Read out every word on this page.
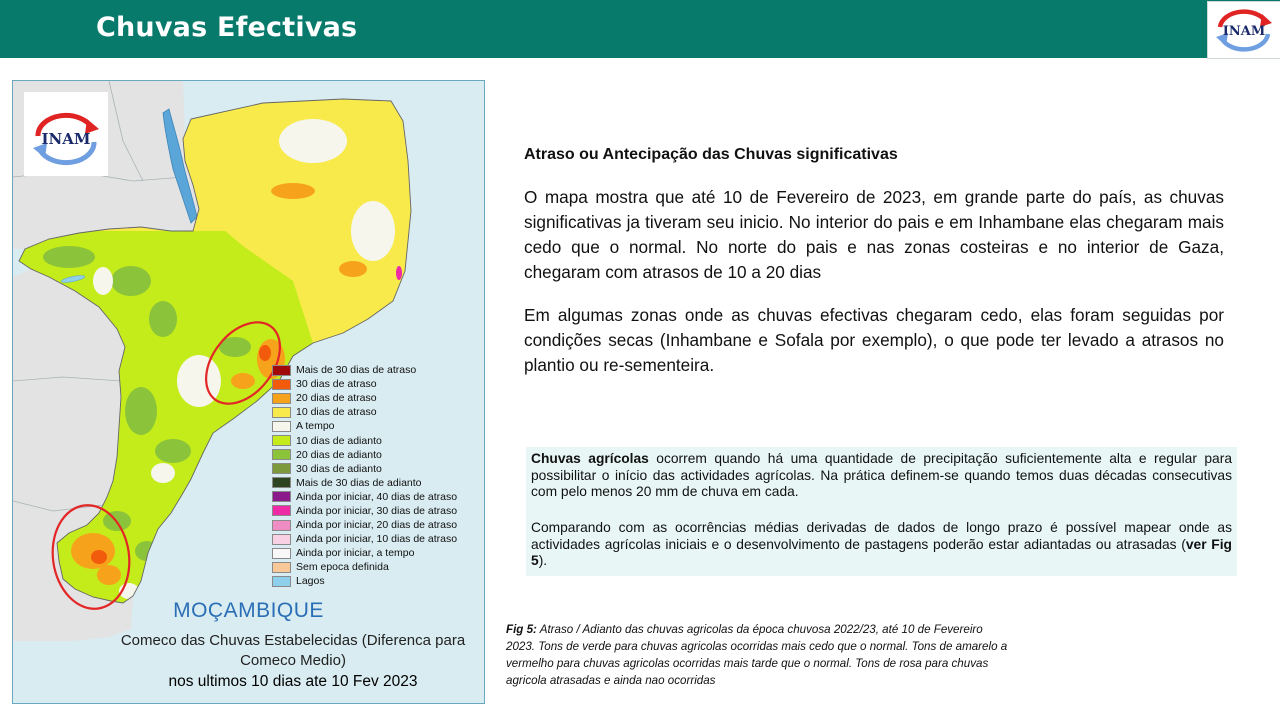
Chuvas Efectivas	INAM
INAM
Mais de 30 dias de atraso
30 dias de atraso
20 dias de atraso
10 dias de atraso
A tempo
10 dias de adianto
20 dias de adianto
30 dias de adianto
Mais de 30 dias de adianto
Ainda por iniciar, 40 dias de atraso
Ainda por iniciar, 30 dias de atraso
Ainda por iniciar, 20 dias de atraso
Ainda por iniciar, 10 dias de atraso
Ainda por iniciar, a tempo
Sem epoca definida
Lagos
MOÇAMBIQUE
Comeco das Chuvas Estabelecidas (Diferenca para Comeco Medio)
nos ultimos 10 dias ate 10 Fev 2023
Atraso ou Antecipação das Chuvas significativas

O mapa mostra que até 10 de Fevereiro de 2023, em grande parte do país, as chuvas significativas ja tiveram seu inicio. No interior do pais e em Inhambane elas chegaram mais cedo que o normal. No norte do pais e nas zonas costeiras e no interior de Gaza, chegaram com atrasos de 10 a 20 dias

Em algumas zonas onde as chuvas efectivas chegaram cedo, elas foram seguidas por condições secas (Inhambane e Sofala por exemplo), o que pode ter levado a atrasos no plantio ou re-sementeira.

Chuvas agrícolas ocorrem quando há uma quantidade de precipitação suficientemente alta e regular para possibilitar o início das actividades agrícolas. Na prática definem-se quando temos duas décadas consecutivas com pelo menos 20 mm de chuva em cada.

Comparando com as ocorrências médias derivadas de dados de longo prazo é possível mapear onde as actividades agrícolas iniciais e o desenvolvimento de pastagens poderão estar adiantadas ou atrasadas (ver Fig 5).

Fig 5: Atraso / Adianto das chuvas agricolas da época chuvosa 2022/23, até 10 de Fevereiro 2023. Tons de verde para chuvas agricolas ocorridas mais cedo que o normal. Tons de amarelo a vermelho para chuvas agricolas ocorridas mais tarde que o normal. Tons de rosa para chuvas agricola atrasadas e ainda nao ocorridas
